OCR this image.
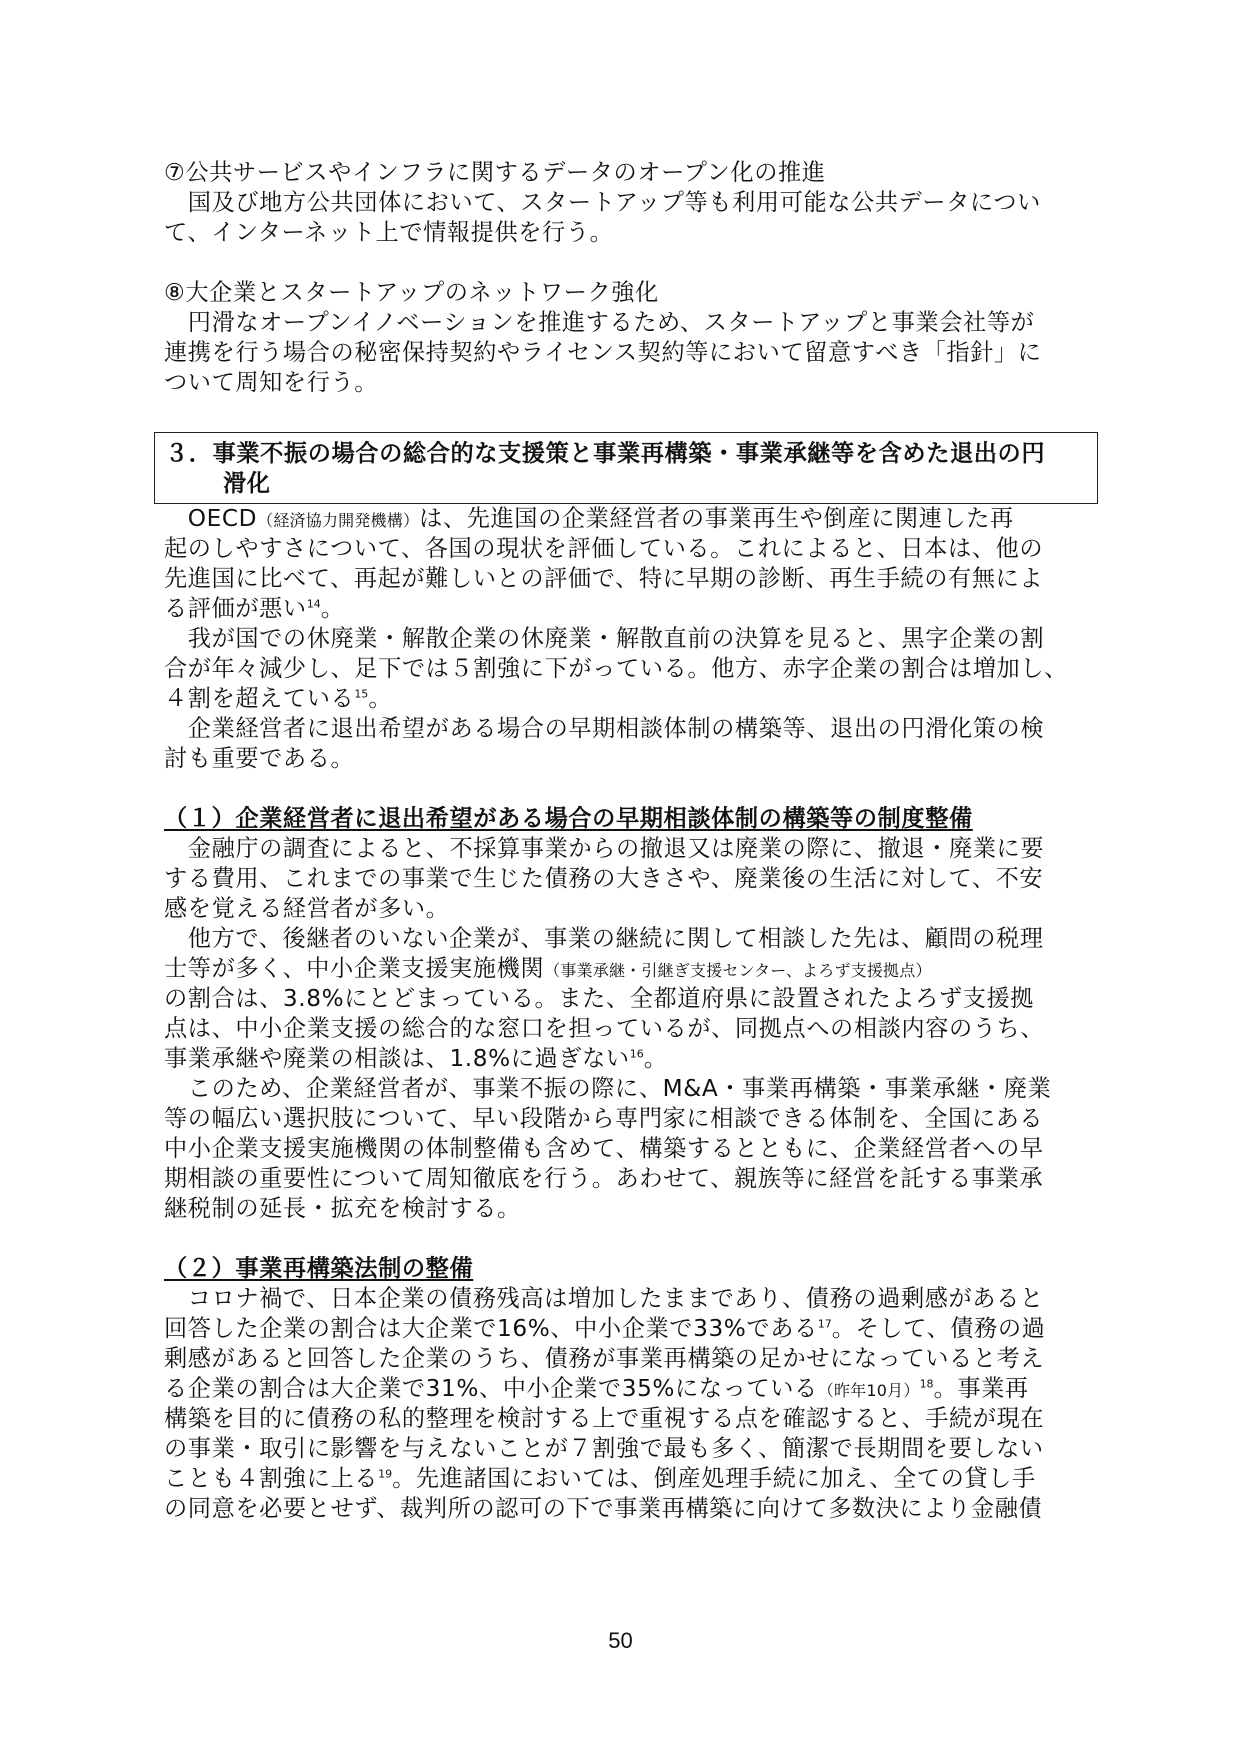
⑦公共サービスやインフラに関するデータのオープン化の推進
　国及び地方公共団体において、スタートアップ等も利用可能な公共データについ
て、インターネット上で情報提供を行う。
⑧大企業とスタートアップのネットワーク強化
　円滑なオープンイノベーションを推進するため、スタートアップと事業会社等が
連携を行う場合の秘密保持契約やライセンス契約等において留意すべき「指針」に
ついて周知を行う。
３．事業不振の場合の総合的な支援策と事業再構築・事業承継等を含めた退出の円
滑化
　OECD（経済協力開発機構）は、先進国の企業経営者の事業再生や倒産に関連した再
起のしやすさについて、各国の現状を評価している。これによると、日本は、他の
先進国に比べて、再起が難しいとの評価で、特に早期の診断、再生手続の有無によ
る評価が悪い$^{14}$。
　我が国での休廃業・解散企業の休廃業・解散直前の決算を見ると、黒字企業の割
合が年々減少し、足下では５割強に下がっている。他方、赤字企業の割合は増加し、
４割を超えている$^{15}$。
　企業経営者に退出希望がある場合の早期相談体制の構築等、退出の円滑化策の検
討も重要である。
（１）企業経営者に退出希望がある場合の早期相談体制の構築等の制度整備
　金融庁の調査によると、不採算事業からの撤退又は廃業の際に、撤退・廃業に要
する費用、これまでの事業で生じた債務の大きさや、廃業後の生活に対して、不安
感を覚える経営者が多い。
　他方で、後継者のいない企業が、事業の継続に関して相談した先は、顧問の税理
士等が多く、中小企業支援実施機関（事業承継・引継ぎ支援センター、よろず支援拠点）
の割合は、3.8%にとどまっている。また、全都道府県に設置されたよろず支援拠
点は、中小企業支援の総合的な窓口を担っているが、同拠点への相談内容のうち、
事業承継や廃業の相談は、1.8%に過ぎない$^{16}$。
　このため、企業経営者が、事業不振の際に、M&A・事業再構築・事業承継・廃業
等の幅広い選択肢について、早い段階から専門家に相談できる体制を、全国にある
中小企業支援実施機関の体制整備も含めて、構築するとともに、企業経営者への早
期相談の重要性について周知徹底を行う。あわせて、親族等に経営を託する事業承
継税制の延長・拡充を検討する。
（２）事業再構築法制の整備
　コロナ禍で、日本企業の債務残高は増加したままであり、債務の過剰感があると
回答した企業の割合は大企業で16%、中小企業で33%である$^{17}$。そして、債務の過
剰感があると回答した企業のうち、債務が事業再構築の足かせになっていると考え
る企業の割合は大企業で31%、中小企業で35%になっている（昨年10月）$^{18}$。事業再
構築を目的に債務の私的整理を検討する上で重視する点を確認すると、手続が現在
の事業・取引に影響を与えないことが７割強で最も多く、簡潔で長期間を要しない
ことも４割強に上る$^{19}$。先進諸国においては、倒産処理手続に加え、全ての貸し手
の同意を必要とせず、裁判所の認可の下で事業再構築に向けて多数決により金融債
50
